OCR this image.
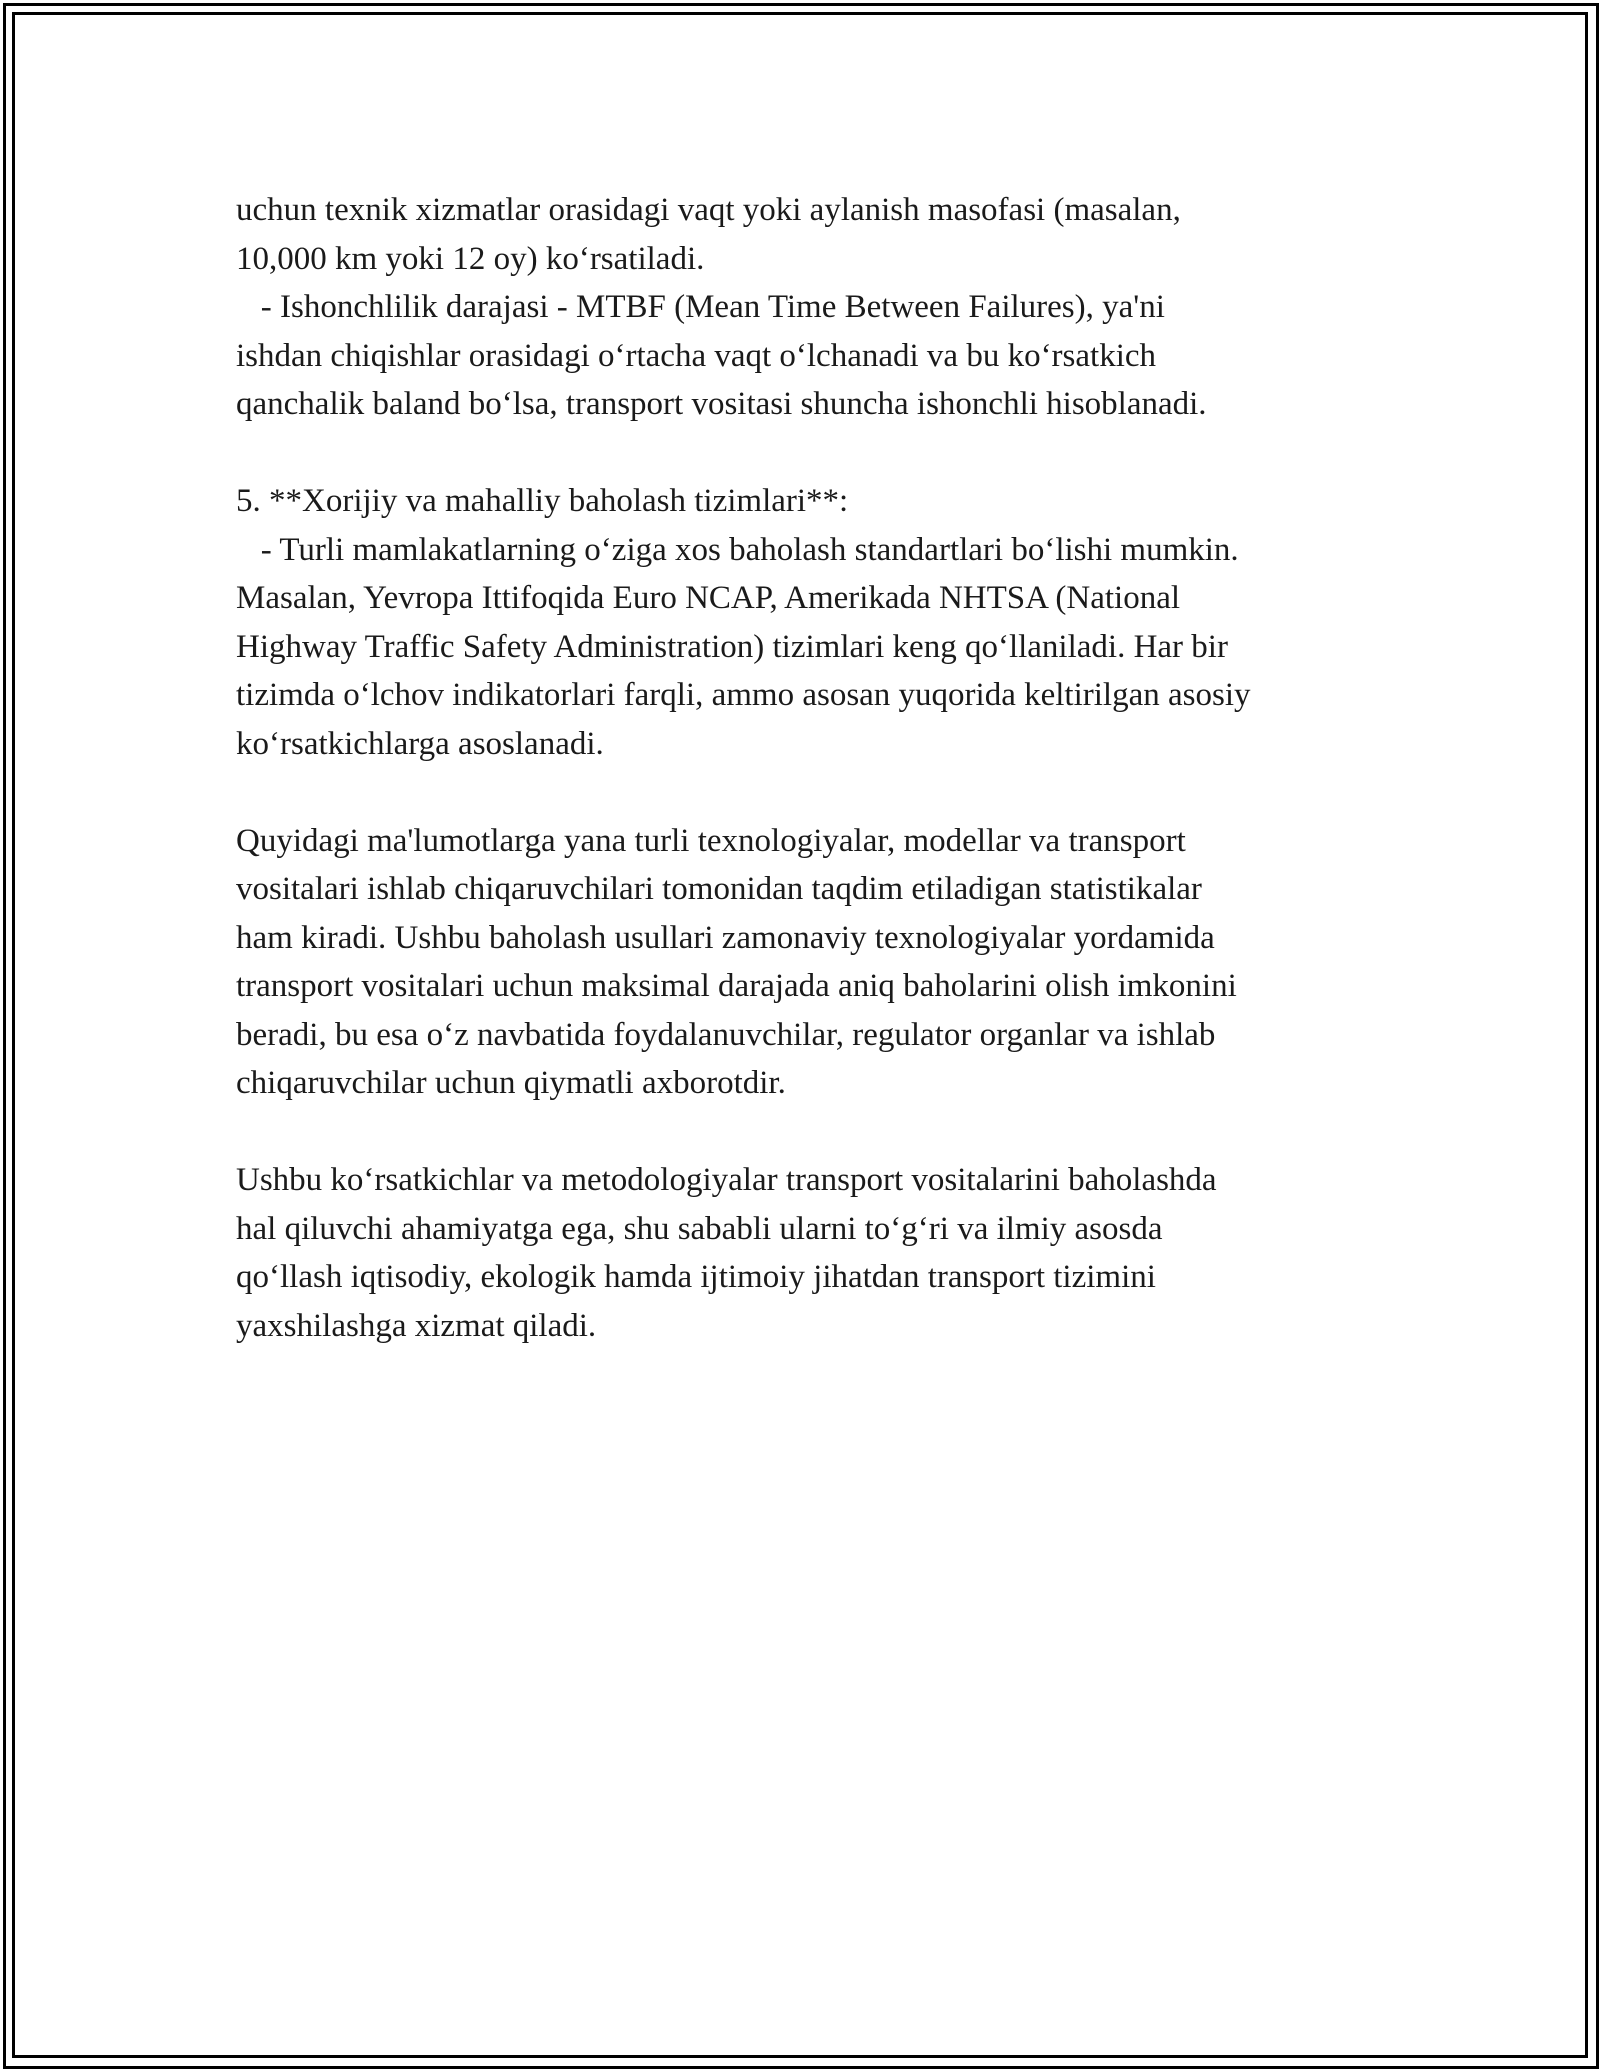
uchun texnik xizmatlar orasidagi vaqt yoki aylanish masofasi (masalan,
10,000 km yoki 12 oy) koʻrsatiladi.
- Ishonchlilik darajasi - MTBF (Mean Time Between Failures), ya'ni
ishdan chiqishlar orasidagi oʻrtacha vaqt oʻlchanadi va bu koʻrsatkich
qanchalik baland boʻlsa, transport vositasi shuncha ishonchli hisoblanadi.
5. **Xorijiy va mahalliy baholash tizimlari**:
- Turli mamlakatlarning oʻziga xos baholash standartlari boʻlishi mumkin.
Masalan, Yevropa Ittifoqida Euro NCAP, Amerikada NHTSA (National
Highway Traffic Safety Administration) tizimlari keng qoʻllaniladi. Har bir
tizimda oʻlchov indikatorlari farqli, ammo asosan yuqorida keltirilgan asosiy
koʻrsatkichlarga asoslanadi.
Quyidagi ma'lumotlarga yana turli texnologiyalar, modellar va transport
vositalari ishlab chiqaruvchilari tomonidan taqdim etiladigan statistikalar
ham kiradi. Ushbu baholash usullari zamonaviy texnologiyalar yordamida
transport vositalari uchun maksimal darajada aniq baholarini olish imkonini
beradi, bu esa oʻz navbatida foydalanuvchilar, regulator organlar va ishlab
chiqaruvchilar uchun qiymatli axborotdir.
Ushbu koʻrsatkichlar va metodologiyalar transport vositalarini baholashda
hal qiluvchi ahamiyatga ega, shu sababli ularni toʻgʻri va ilmiy asosda
qoʻllash iqtisodiy, ekologik hamda ijtimoiy jihatdan transport tizimini
yaxshilashga xizmat qiladi.
